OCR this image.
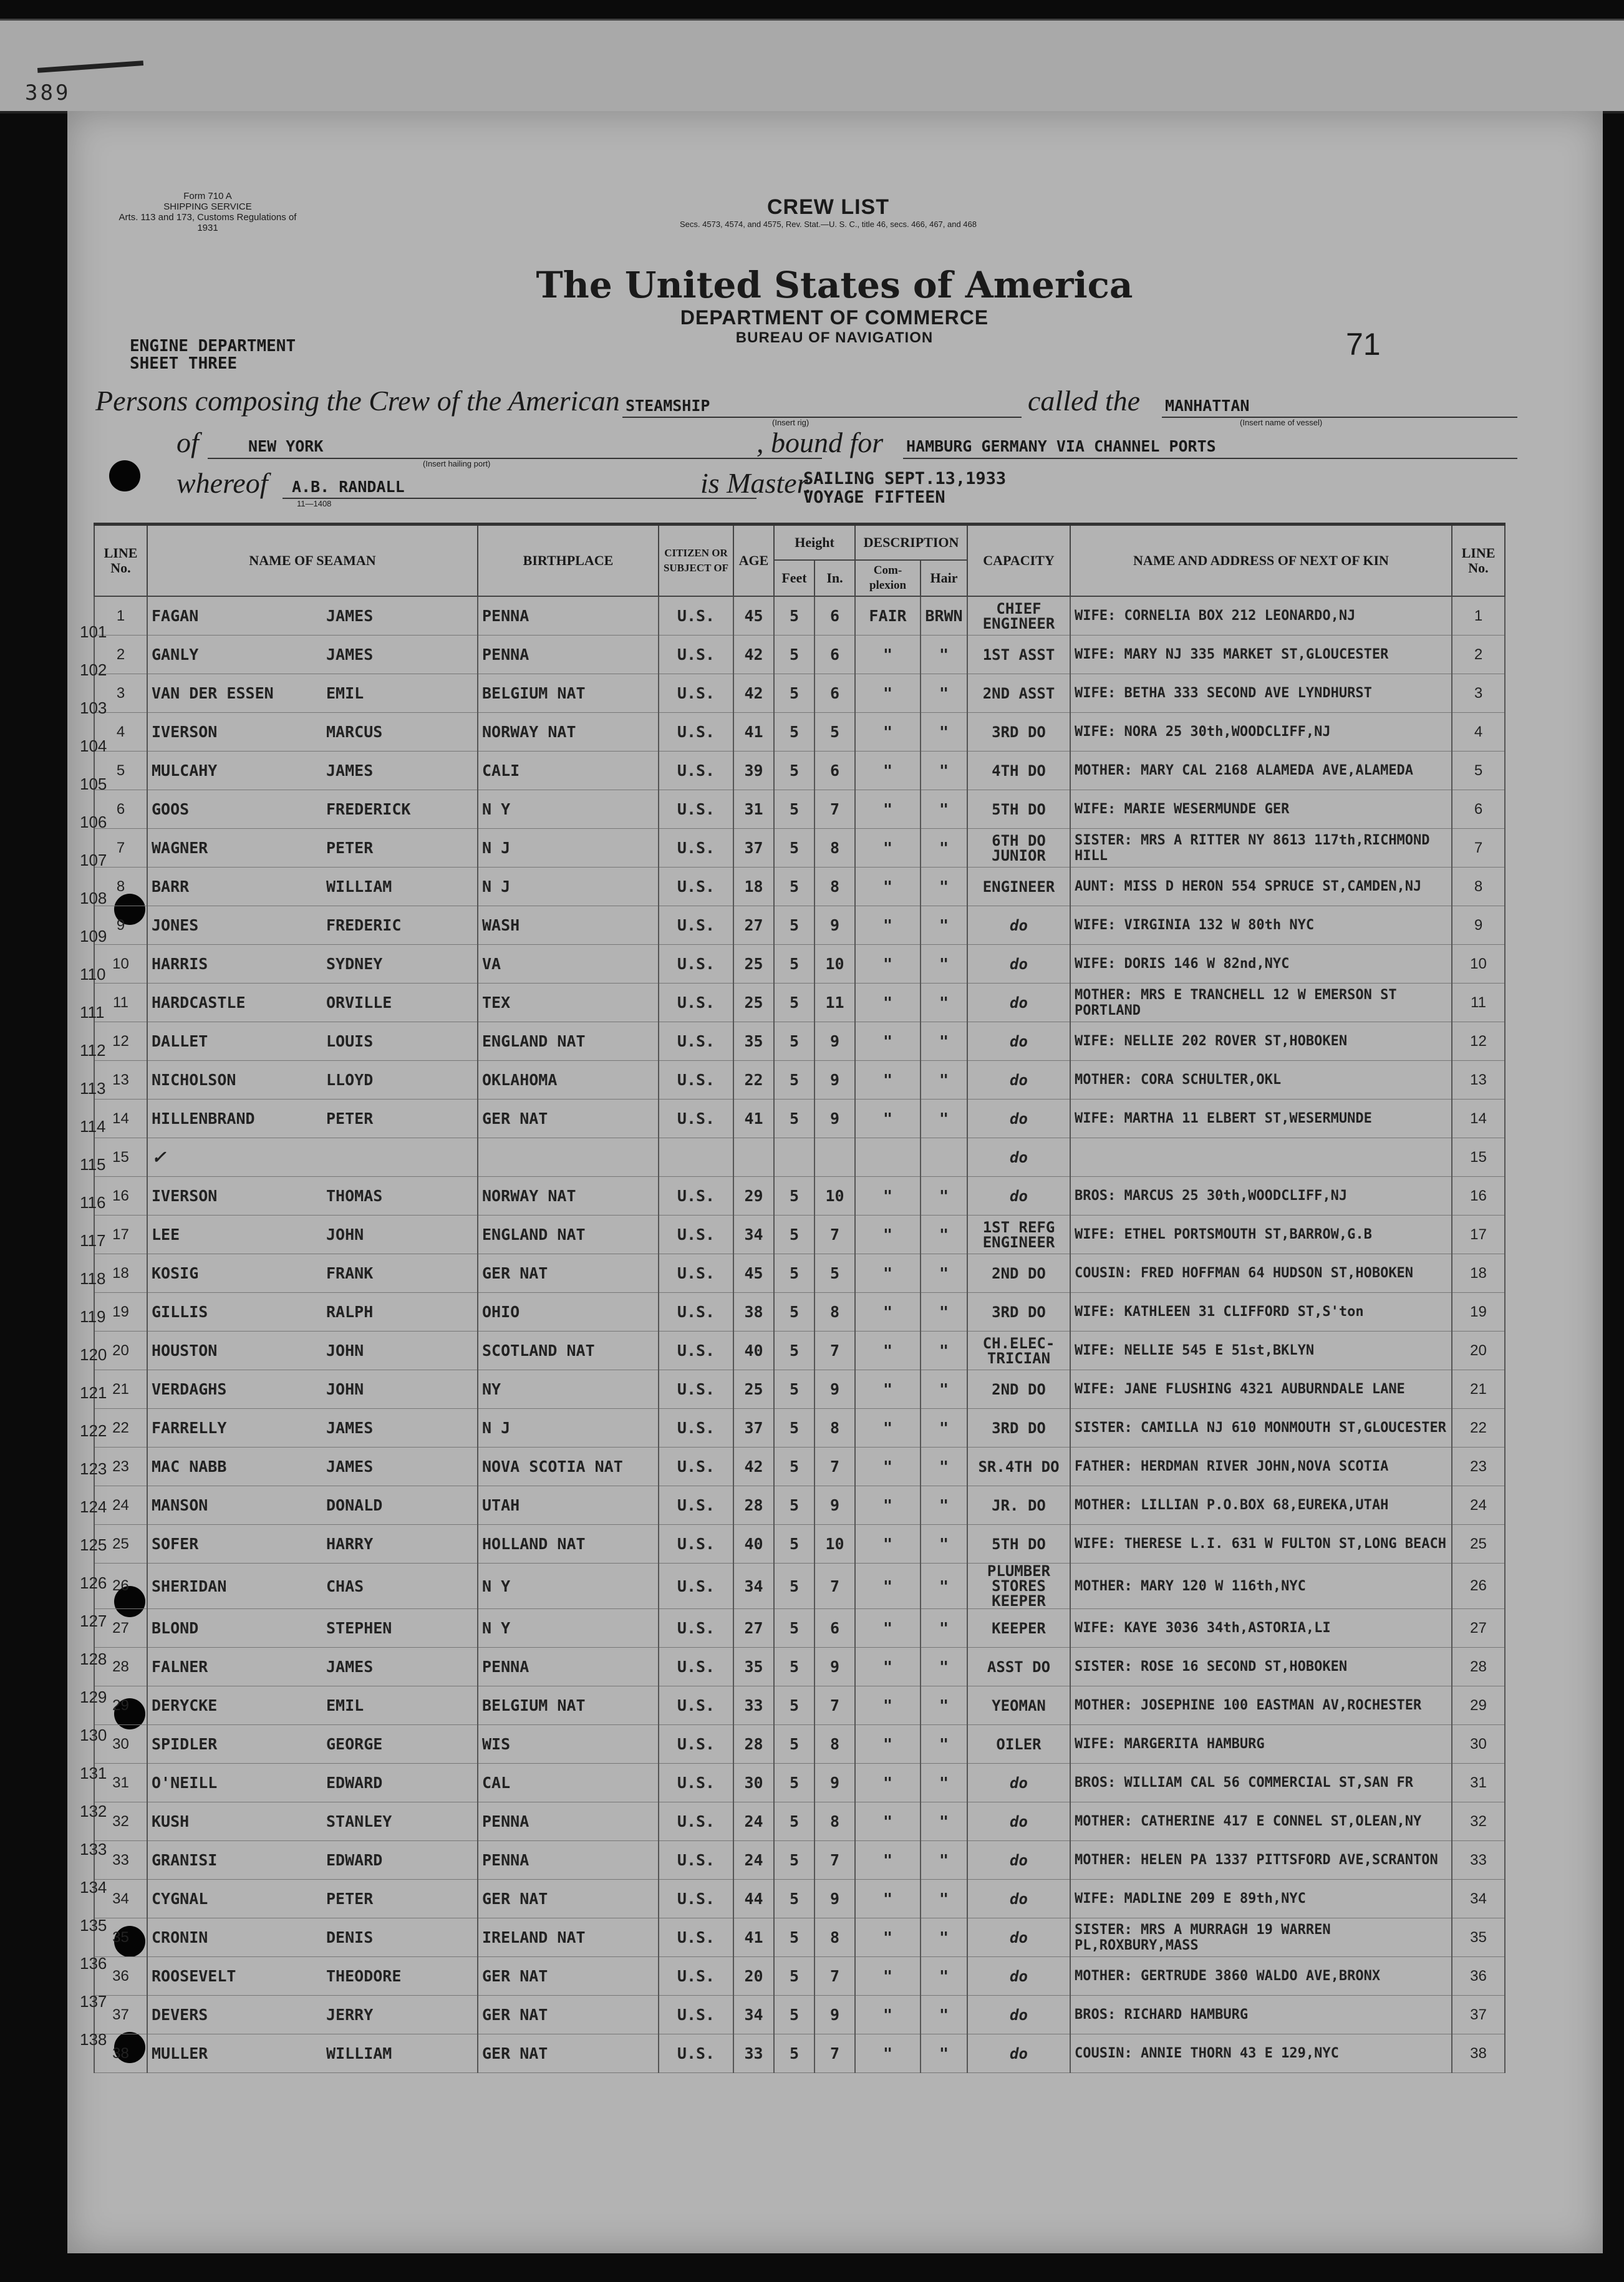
389
Form 710 A
SHIPPING SERVICE
Arts. 113 and 173, Customs Regulations of 1931
CREW LIST
Secs. 4573, 4574, and 4575, Rev. Stat.—U. S. C., title 46, secs. 466, 467, and 468
The United States of America
DEPARTMENT OF COMMERCE
BUREAU OF NAVIGATION	71
ENGINE DEPARTMENT
SHEET THREE
Persons composing the Crew of the American STEAMSHIP
(Insert rig)
called the MANHATTAN
(Insert name of vessel)
of	NEW YORK
(Insert hailing port)
, bound for HAMBURG GERMANY VIA CHANNEL PORTS
whereof A.B. RANDALL
11—1408
is Master.
SAILING SEPT.13,1933
VOYAGE FIFTEEN
LINE No.	NAME OF SEAMAN	BIRTHPLACE	CITIZEN OR SUBJECT OF	AGE	Height		DESCRIPTION		CAPACITY	NAME AND ADDRESS OF NEXT OF KIN	LINE No.
					Feet	In.	Com- plexion	Hair			
1	FAGAN JAMES	PENNA	U.S.	45	5	6	FAIR	BRWN	CHIEF ENGINEER	WIFE: CORNELIA BOX 212 LEONARDO,NJ	1
2	GANLY JAMES	PENNA	U.S.	42	5	6	"	"	1ST ASST	WIFE: MARY NJ 335 MARKET ST,GLOUCESTER	2
3	VAN DER ESSEN EMIL	BELGIUM NAT	U.S.	42	5	6	"	"	2ND ASST	WIFE: BETHA 333 SECOND AVE LYNDHURST	3
4	IVERSON MARCUS	NORWAY NAT	U.S.	41	5	5	"	"	3RD DO	WIFE: NORA 25 30th,WOODCLIFF,NJ	4
5	MULCAHY JAMES	CALI	U.S.	39	5	6	"	"	4TH DO	MOTHER: MARY CAL 2168 ALAMEDA AVE,ALAMEDA	5
6	GOOS FREDERICK	N Y	U.S.	31	5	7	"	"	5TH DO	WIFE: MARIE WESERMUNDE GER	6
7	WAGNER PETER	N J	U.S.	37	5	8	"	"	6TH DO JUNIOR	SISTER: MRS A RITTER NY 8613 117th,RICHMOND HILL	7
8	BARR WILLIAM	N J	U.S.	18	5	8	"	"	ENGINEER	AUNT: MISS D HERON 554 SPRUCE ST,CAMDEN,NJ	8
9	JONES FREDERIC	WASH	U.S.	27	5	9	"	"	do	WIFE: VIRGINIA 132 W 80th NYC	9
10	HARRIS SYDNEY	VA	U.S.	25	5	10	"	"	do	WIFE: DORIS 146 W 82nd,NYC	10
11	HARDCASTLE ORVILLE	TEX	U.S.	25	5	11	"	"	do	MOTHER: MRS E TRANCHELL 12 W EMERSON ST PORTLAND	11
12	DALLET LOUIS	ENGLAND NAT	U.S.	35	5	9	"	"	do	WIFE: NELLIE 202 ROVER ST,HOBOKEN	12
13	NICHOLSON LLOYD	OKLAHOMA	U.S.	22	5	9	"	"	do	MOTHER: CORA SCHULTER,OKL	13
14	HILLENBRAND PETER	GER NAT	U.S.	41	5	9	"	"	do	WIFE: MARTHA 11 ELBERT ST,WESERMUNDE	14
15	✓								do		15
16	IVERSON THOMAS	NORWAY NAT	U.S.	29	5	10	"	"	do	BROS: MARCUS 25 30th,WOODCLIFF,NJ	16
17	LEE JOHN	ENGLAND NAT	U.S.	34	5	7	"	"	1ST REFG ENGINEER	WIFE: ETHEL PORTSMOUTH ST,BARROW,G.B	17
18	KOSIG FRANK	GER NAT	U.S.	45	5	5	"	"	2ND DO	COUSIN: FRED HOFFMAN 64 HUDSON ST,HOBOKEN	18
19	GILLIS RALPH	OHIO	U.S.	38	5	8	"	"	3RD DO	WIFE: KATHLEEN 31 CLIFFORD ST,S'ton	19
20	HOUSTON JOHN	SCOTLAND NAT	U.S.	40	5	7	"	"	CH.ELEC-TRICIAN	WIFE: NELLIE 545 E 51st,BKLYN	20
21	VERDAGHS JOHN	NY	U.S.	25	5	9	"	"	2ND DO	WIFE: JANE FLUSHING 4321 AUBURNDALE LANE	21
22	FARRELLY JAMES	N J	U.S.	37	5	8	"	"	3RD DO	SISTER: CAMILLA NJ 610 MONMOUTH ST,GLOUCESTER	22
23	MAC NABB JAMES	NOVA SCOTIA NAT	U.S.	42	5	7	"	"	SR.4TH DO	FATHER: HERDMAN RIVER JOHN,NOVA SCOTIA	23
24	MANSON DONALD	UTAH	U.S.	28	5	9	"	"	JR. DO	MOTHER: LILLIAN P.O.BOX 68,EUREKA,UTAH	24
25	SOFER HARRY	HOLLAND NAT	U.S.	40	5	10	"	"	5TH DO	WIFE: THERESE L.I. 631 W FULTON ST,LONG BEACH	25
26	SHERIDAN CHAS	N Y	U.S.	34	5	7	"	"	PLUMBER STORES KEEPER	MOTHER: MARY 120 W 116th,NYC	26
27	BLOND STEPHEN	N Y	U.S.	27	5	6	"	"	KEEPER	WIFE: KAYE 3036 34th,ASTORIA,LI	27
28	FALNER JAMES	PENNA	U.S.	35	5	9	"	"	ASST DO	SISTER: ROSE 16 SECOND ST,HOBOKEN	28
29	DERYCKE EMIL	BELGIUM NAT	U.S.	33	5	7	"	"	YEOMAN	MOTHER: JOSEPHINE 100 EASTMAN AV,ROCHESTER	29
30	SPIDLER GEORGE	WIS	U.S.	28	5	8	"	"	OILER	WIFE: MARGERITA HAMBURG	30
31	O'NEILL EDWARD	CAL	U.S.	30	5	9	"	"	do	BROS: WILLIAM CAL 56 COMMERCIAL ST,SAN FR	31
32	KUSH STANLEY	PENNA	U.S.	24	5	8	"	"	do	MOTHER: CATHERINE 417 E CONNEL ST,OLEAN,NY	32
33	GRANISI EDWARD	PENNA	U.S.	24	5	7	"	"	do	MOTHER: HELEN PA 1337 PITTSFORD AVE,SCRANTON	33
34	CYGNAL PETER	GER NAT	U.S.	44	5	9	"	"	do	WIFE: MADLINE 209 E 89th,NYC	34
35	CRONIN DENIS	IRELAND NAT	U.S.	41	5	8	"	"	do	SISTER: MRS A MURRAGH 19 WARREN PL,ROXBURY,MASS	35
36	ROOSEVELT THEODORE	GER NAT	U.S.	20	5	7	"	"	do	MOTHER: GERTRUDE 3860 WALDO AVE,BRONX	36
37	DEVERS JERRY	GER NAT	U.S.	34	5	9	"	"	do	BROS: RICHARD HAMBURG	37
38	MULLER WILLIAM	GER NAT	U.S.	33	5	7	"	"	do	COUSIN: ANNIE THORN 43 E 129,NYC	38
101
102
103
104
105
106
107
108
109
110
111
112
113
114
115
116
117
118
119
120
121
122
123
124
125
126
127
128
129
130
131
132
133
134
135
136
137
138
